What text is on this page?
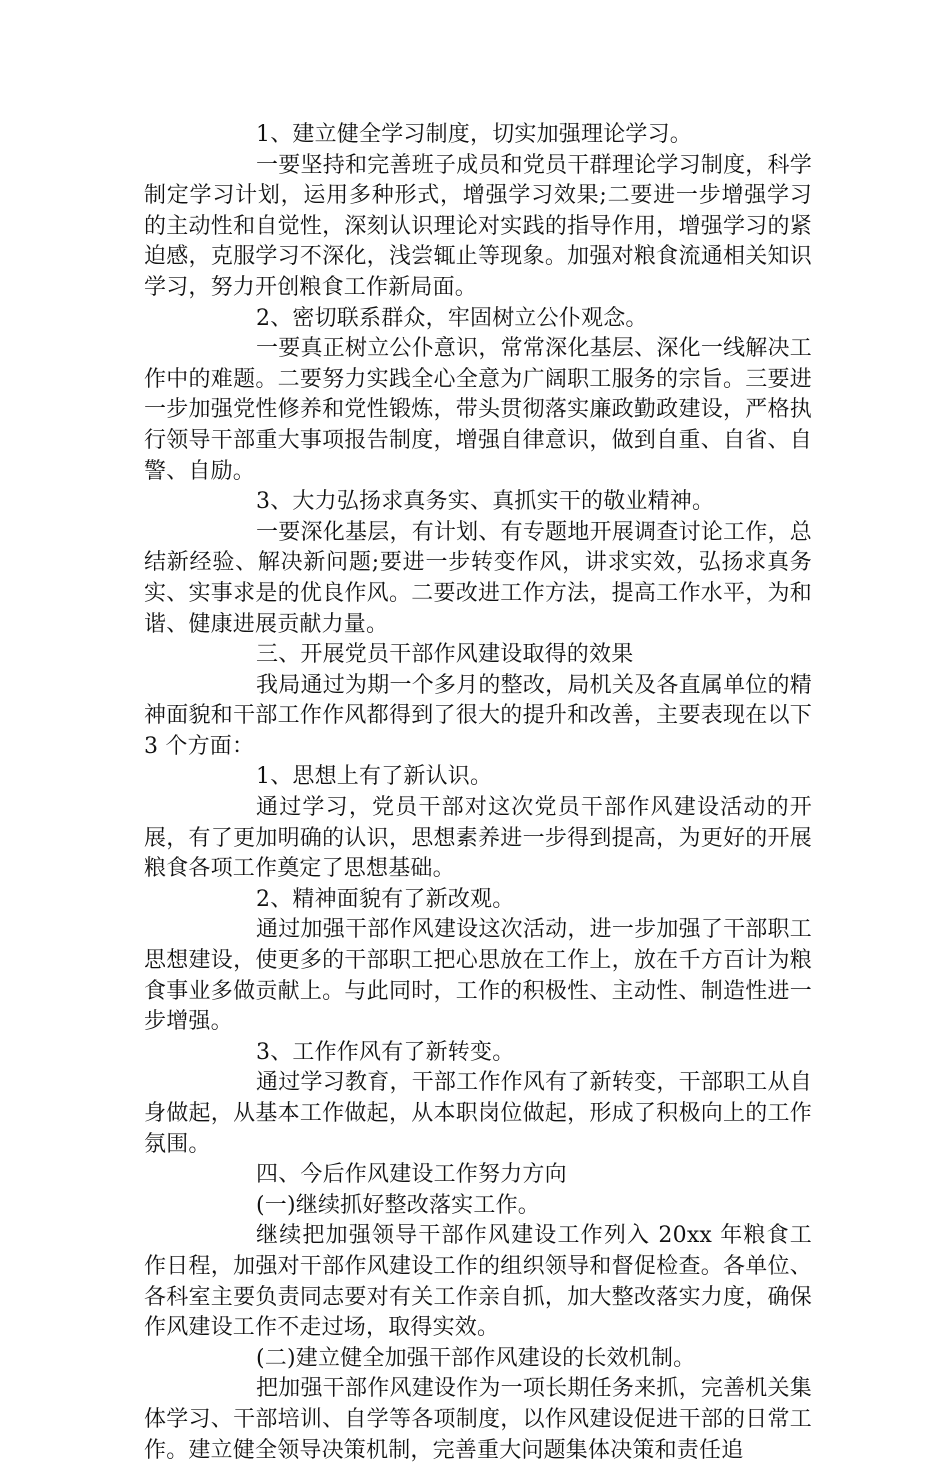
1、建立健全学习制度，切实加强理论学习。

一要坚持和完善班子成员和党员干群理论学习制度，科学制定学习计划，运用多种形式，增强学习效果;二要进一步增强学习的主动性和自觉性，深刻认识理论对实践的指导作用，增强学习的紧迫感，克服学习不深化，浅尝辄止等现象。加强对粮食流通相关知识学习，努力开创粮食工作新局面。

2、密切联系群众，牢固树立公仆观念。

一要真正树立公仆意识，常常深化基层、深化一线解决工作中的难题。二要努力实践全心全意为广阔职工服务的宗旨。三要进一步加强党性修养和党性锻炼，带头贯彻落实廉政勤政建设，严格执行领导干部重大事项报告制度，增强自律意识，做到自重、自省、自警、自励。

3、大力弘扬求真务实、真抓实干的敬业精神。

一要深化基层，有计划、有专题地开展调查讨论工作，总结新经验、解决新问题;要进一步转变作风，讲求实效，弘扬求真务实、实事求是的优良作风。二要改进工作方法，提高工作水平，为和谐、健康进展贡献力量。

三、开展党员干部作风建设取得的效果

我局通过为期一个多月的整改，局机关及各直属单位的精神面貌和干部工作作风都得到了很大的提升和改善，主要表现在以下 3 个方面：

1、思想上有了新认识。

通过学习，党员干部对这次党员干部作风建设活动的开展，有了更加明确的认识，思想素养进一步得到提高，为更好的开展粮食各项工作奠定了思想基础。

2、精神面貌有了新改观。

通过加强干部作风建设这次活动，进一步加强了干部职工思想建设，使更多的干部职工把心思放在工作上，放在千方百计为粮食事业多做贡献上。与此同时，工作的积极性、主动性、制造性进一步增强。

3、工作作风有了新转变。

通过学习教育，干部工作作风有了新转变，干部职工从自身做起，从基本工作做起，从本职岗位做起，形成了积极向上的工作氛围。

四、今后作风建设工作努力方向

(一)继续抓好整改落实工作。

继续把加强领导干部作风建设工作列入 20xx 年粮食工作日程，加强对干部作风建设工作的组织领导和督促检查。各单位、各科室主要负责同志要对有关工作亲自抓，加大整改落实力度，确保作风建设工作不走过场，取得实效。

(二)建立健全加强干部作风建设的长效机制。

把加强干部作风建设作为一项长期任务来抓，完善机关集体学习、干部培训、自学等各项制度，以作风建设促进干部的日常工作。建立健全领导决策机制，完善重大问题集体决策和责任追
